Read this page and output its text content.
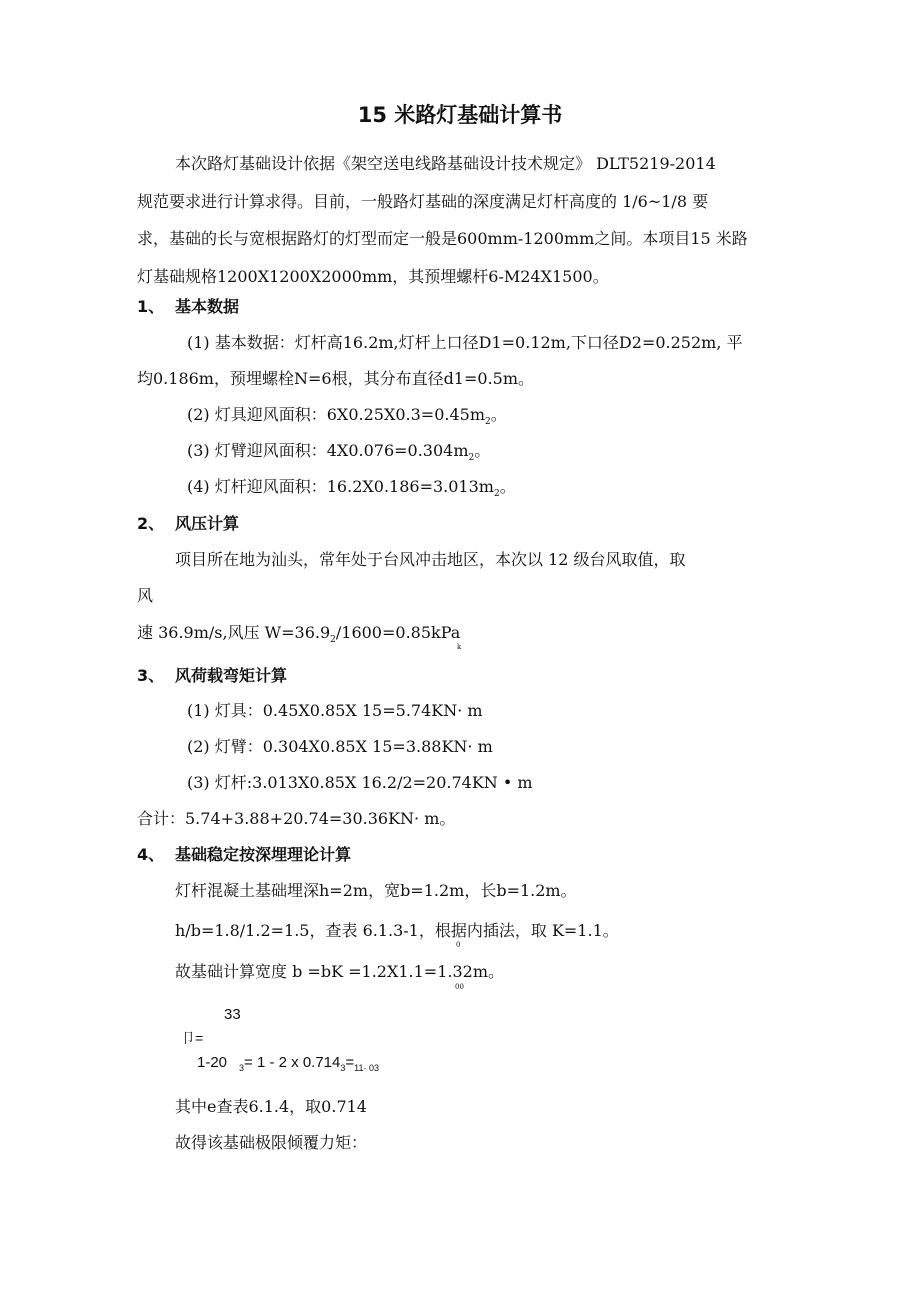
15 米路灯基础计算书
本次路灯基础设计依据《架空送电线路基础设计技术规定》 DLT5219-2014
规范要求进行计算求得。目前，一般路灯基础的深度满足灯杆高度的 1/6~1/8 要
求，基础的长与宽根据路灯的灯型而定一般是600mm-1200mm之间。本项目15 米路
灯基础规格1200X1200X2000mm，其预埋螺杆6-M24X1500。
1、 基本数据
(1) 基本数据：灯杆高16.2m,灯杆上口径D1=0.12m,下口径D2=0.252m, 平
均0.186m，预埋螺栓N=6根，其分布直径d1=0.5m。
(2) 灯具迎风面积：$6X0.25X0.3=0.45m_2$。
(3) 灯臂迎风面积：$4X0.076=0.304m_2$。
(4) 灯杆迎风面积：$16.2X0.186=3.013m_2$。
2、 风压计算
项目所在地为汕头，常年处于台风冲击地区，本次以 12 级台风取值，取
风
速 36.9m/s,风压 $W=36.9_2/1600=0.85kPa$
k
3、 风荷载弯矩计算
(1) 灯具：0.45X0.85X 15=5.74KN· m
(2) 灯臂：0.304X0.85X 15=3.88KN· m
(3) 灯杆:3.013X0.85X 16.2/2=20.74KN • m
合计：5.74+3.88+20.74=30.36KN· m。
4、 基础稳定按深埋理论计算
灯杆混凝土基础埋深h=2m，宽b=1.2m，长b=1.2m。
h/b=1.8/1.2=1.5，查表 6.1.3-1，根据内插法，取 K=1.1。
0
故基础计算宽度 b =bK =1.2X1.1=1.32m。
00
33
卩=
1-20 $_3$= 1 - 2 x $0.714_3=_{11\cdot 03}$
其中e查表6.1.4，取0.714
故得该基础极限倾覆力矩：
